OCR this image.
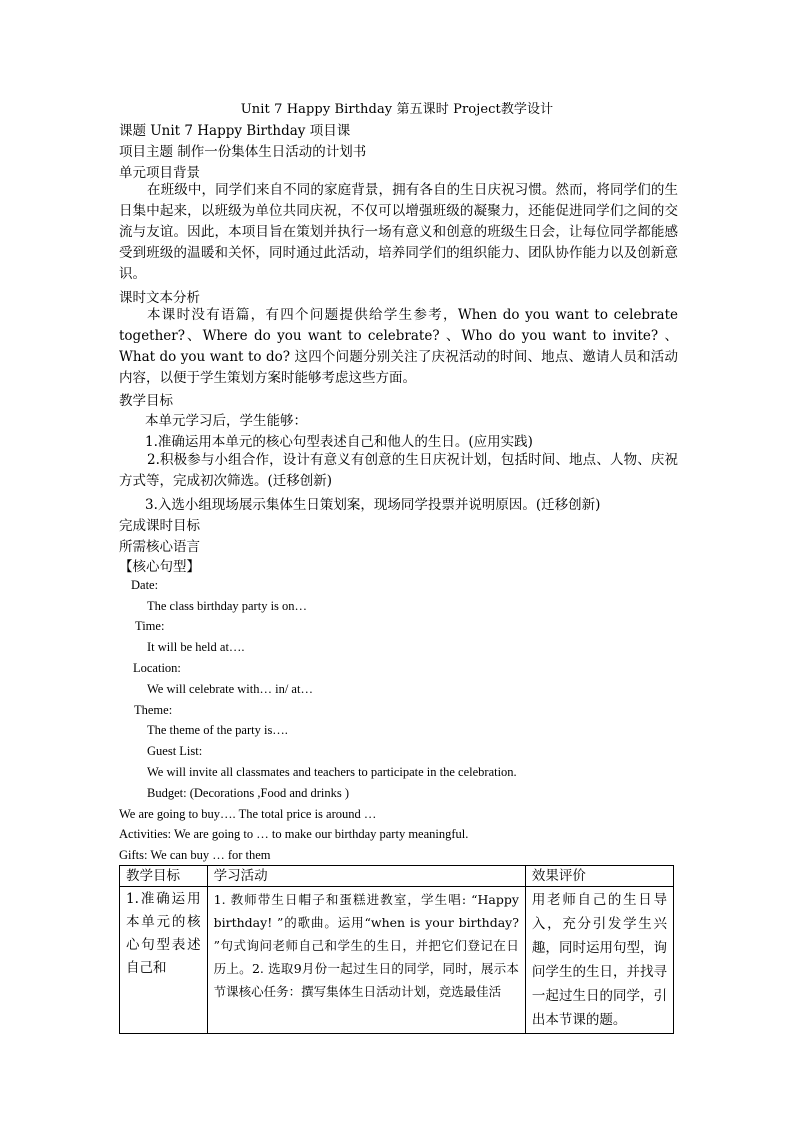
Unit 7 Happy Birthday 第五课时 Project教学设计
课题 Unit 7 Happy Birthday 项目课
项目主题 制作一份集体生日活动的计划书
单元项目背景
在班级中，同学们来自不同的家庭背景，拥有各自的生日庆祝习惯。然而，将同学们的生日集中起来，以班级为单位共同庆祝，不仅可以增强班级的凝聚力，还能促进同学们之间的交流与友谊。因此，本项目旨在策划并执行一场有意义和创意的班级生日会，让每位同学都能感受到班级的温暖和关怀，同时通过此活动，培养同学们的组织能力、团队协作能力以及创新意识。
课时文本分析
本课时没有语篇，有四个问题提供给学生参考，When do you want to celebrate together?、Where do you want to celebrate? 、Who do you want to invite? 、What do you want to do? 这四个问题分别关注了庆祝活动的时间、地点、邀请人员和活动内容，以便于学生策划方案时能够考虑这些方面。
教学目标
本单元学习后，学生能够：
1.准确运用本单元的核心句型表述自己和他人的生日。(应用实践)
2.积极参与小组合作，设计有意义有创意的生日庆祝计划，包括时间、地点、人物、庆祝方式等，完成初次筛选。(迁移创新)
3.入选小组现场展示集体生日策划案，现场同学投票并说明原因。(迁移创新)
完成课时目标
所需核心语言
【核心句型】
Date:
The class birthday party is on…
Time:
It will be held at….
Location:
We will celebrate with… in/ at…
Theme:
The theme of the party is….
Guest List:
We will invite all classmates and teachers to participate in the celebration.
Budget: (Decorations ,Food and drinks )
We are going to buy…. The total price is around …
Activities: We are going to … to make our birthday party meaningful.
Gifts: We can buy … for them
教学目标	学习活动	效果评价

1.准确运用本单元的核心句型表述自己和	1. 教师带生日帽子和蛋糕进教室，学生唱: “Happy birthday! ”的歌曲。运用“when is your birthday? ”句式询问老师自己和学生的生日，并把它们登记在日历上。2. 选取9月份一起过生日的同学，同时，展示本节课核心任务：撰写集体生日活动计划，竞选最佳活	用老师自己的生日导入，充分引发学生兴趣，同时运用句型，询问学生的生日，并找寻一起过生日的同学，引出本节课的题。
